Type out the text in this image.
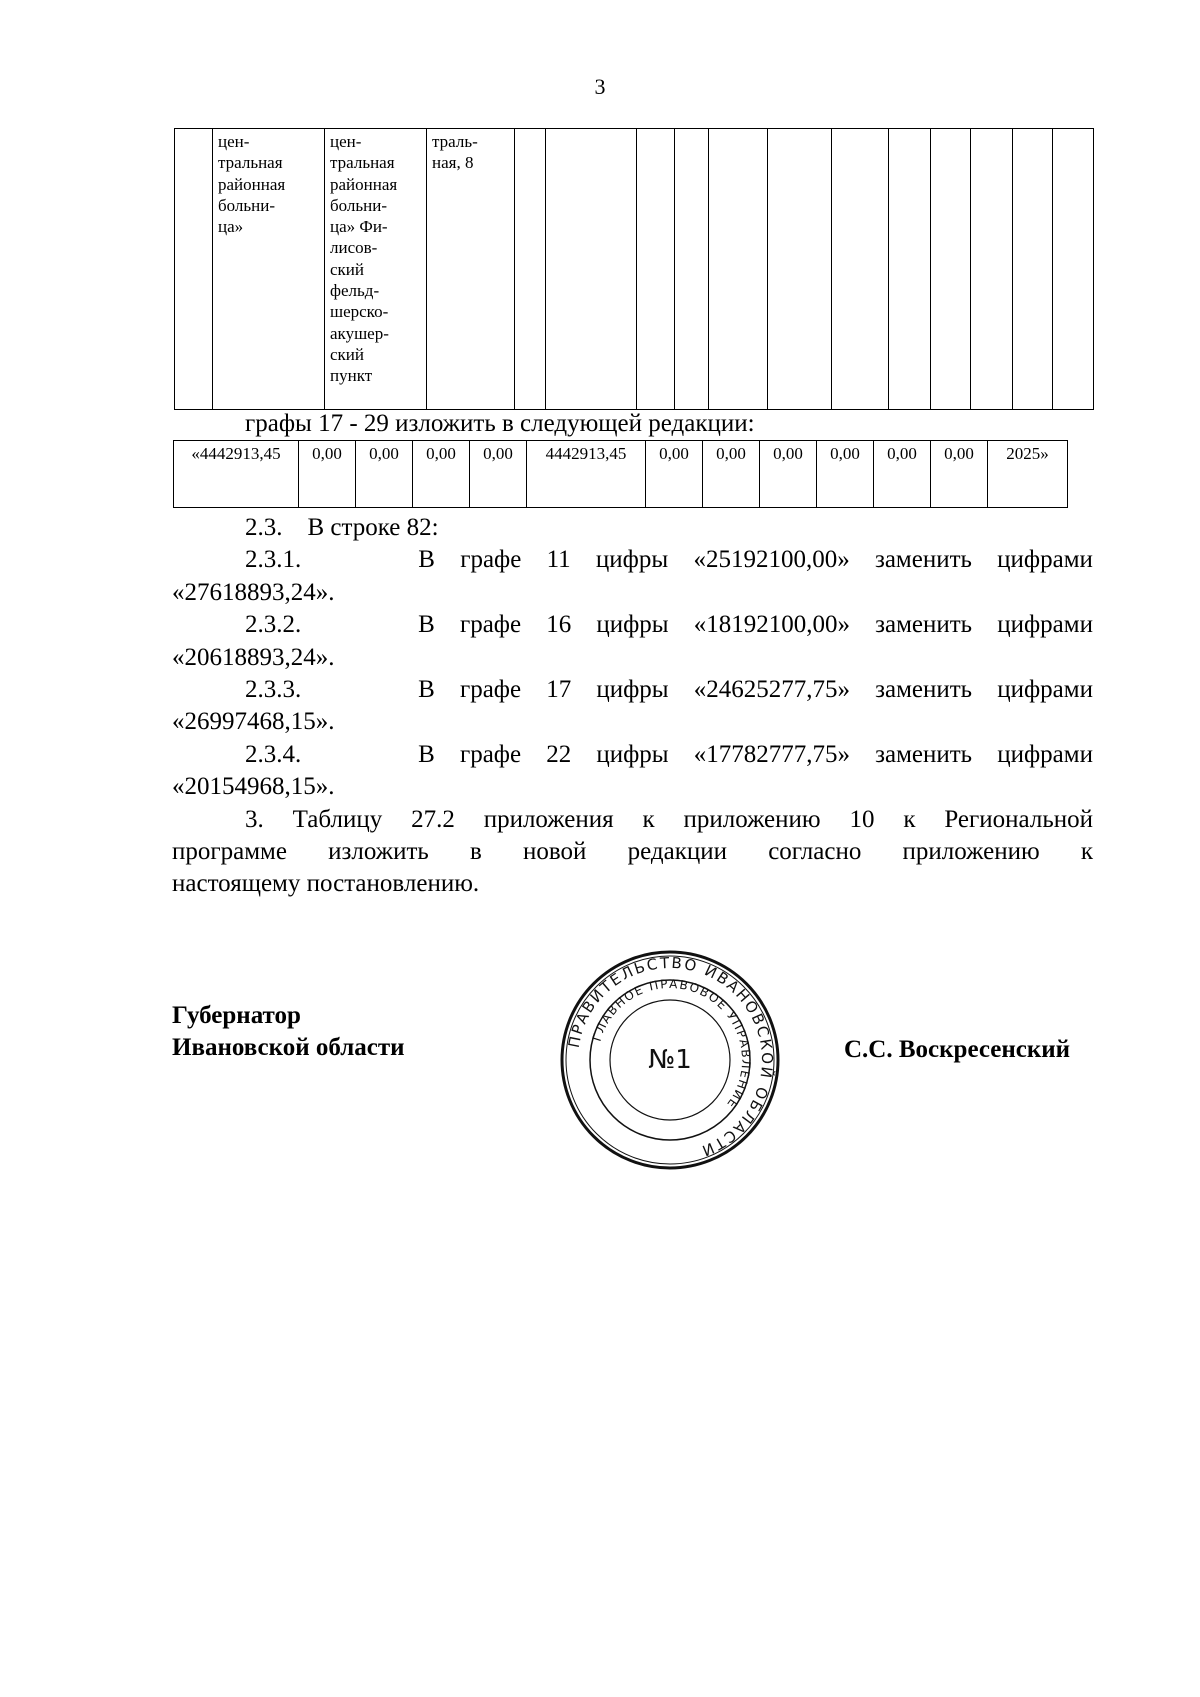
3
	цен-
тральная
районная
больни-
ца»	цен-
тральная
районная
больни-
ца» Фи-
лисов-
ский
фельд-
шерско-
акушер-
ский
пункт	траль-
ная, 8												
графы 17 - 29 изложить в следующей редакции:
«4442913,45	0,00	0,00	0,00	0,00	4442913,45	0,00	0,00	0,00	0,00	0,00	0,00	2025»

2.3. В строке 82:

2.3.1.	В графе 11 цифры «25192100,00» заменить цифрами

«27618893,24».

2.3.2.	В графе 16 цифры «18192100,00» заменить цифрами

«20618893,24».

2.3.3.	В графе 17 цифры «24625277,75» заменить цифрами

«26997468,15».

2.3.4.	В графе 22 цифры «17782777,75» заменить цифрами

«20154968,15».

3. Таблицу 27.2 приложения к приложению 10 к Региональной

программе изложить в новой редакции согласно приложению к

настоящему постановлению.

Губернатор
Ивановской области	ПРАВИТЕЛЬСТВО ИВАНОВСКОЙ ОБЛАСТИ
ГЛАВНОЕ ПРАВОВОЕ УПРАВЛЕНИЕ
№1	С.С. Воскресенский
